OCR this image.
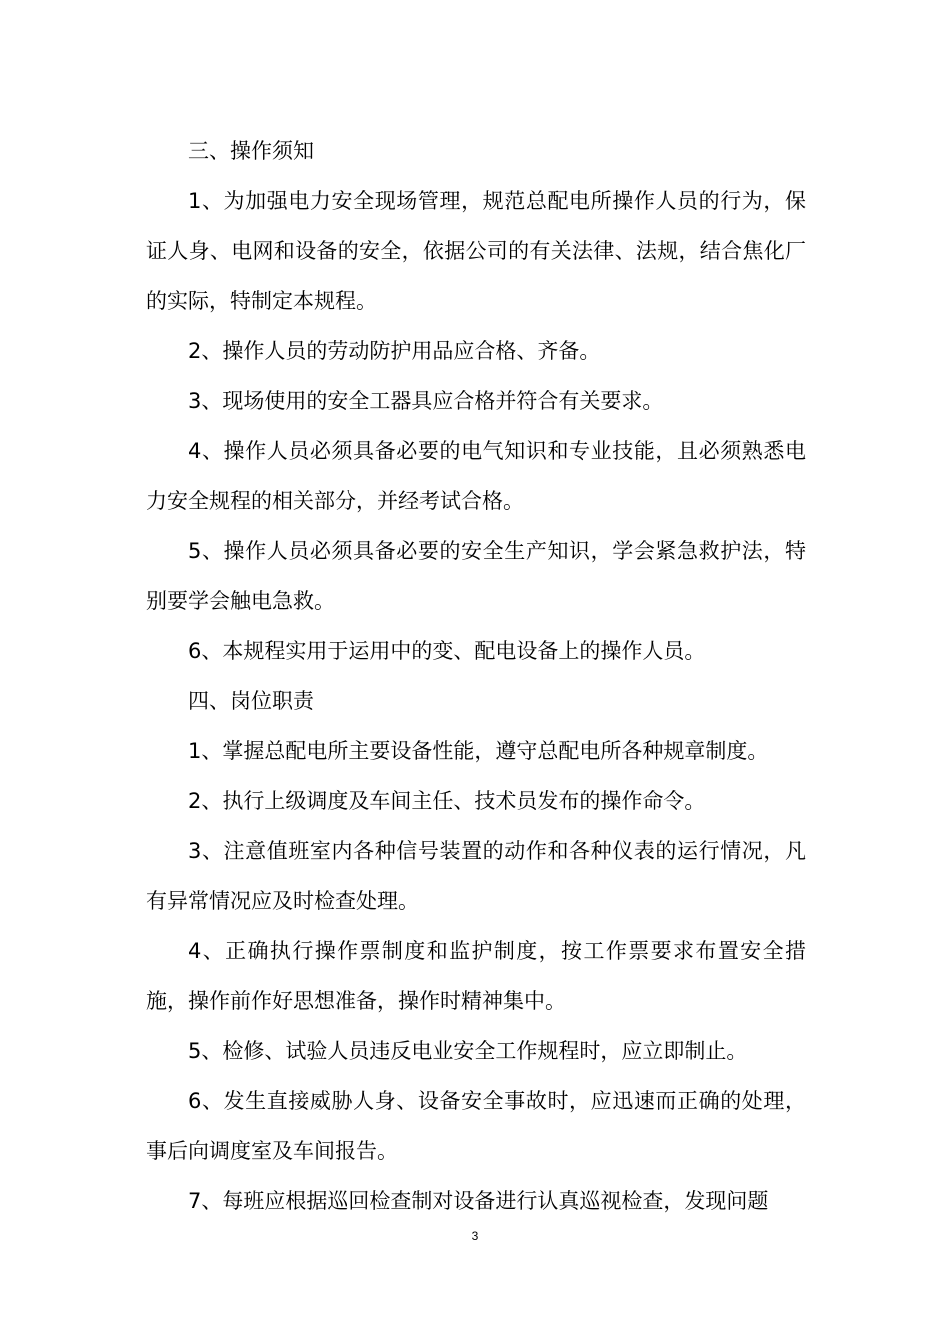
三、操作须知

1、为加强电力安全现场管理，规范总配电所操作人员的行为，保证人身、电网和设备的安全，依据公司的有关法律、法规，结合焦化厂的实际，特制定本规程。

2、操作人员的劳动防护用品应合格、齐备。

3、现场使用的安全工器具应合格并符合有关要求。

4、操作人员必须具备必要的电气知识和专业技能，且必须熟悉电力安全规程的相关部分，并经考试合格。

5、操作人员必须具备必要的安全生产知识，学会紧急救护法，特别要学会触电急救。

6、本规程实用于运用中的变、配电设备上的操作人员。

四、岗位职责

1、掌握总配电所主要设备性能，遵守总配电所各种规章制度。

2、执行上级调度及车间主任、技术员发布的操作命令。

3、注意值班室内各种信号装置的动作和各种仪表的运行情况，凡有异常情况应及时检查处理。

4、正确执行操作票制度和监护制度，按工作票要求布置安全措施，操作前作好思想准备，操作时精神集中。

5、检修、试验人员违反电业安全工作规程时，应立即制止。

6、发生直接威胁人身、设备安全事故时，应迅速而正确的处理，事后向调度室及车间报告。

7、每班应根据巡回检查制对设备进行认真巡视检查，发现问题

3
